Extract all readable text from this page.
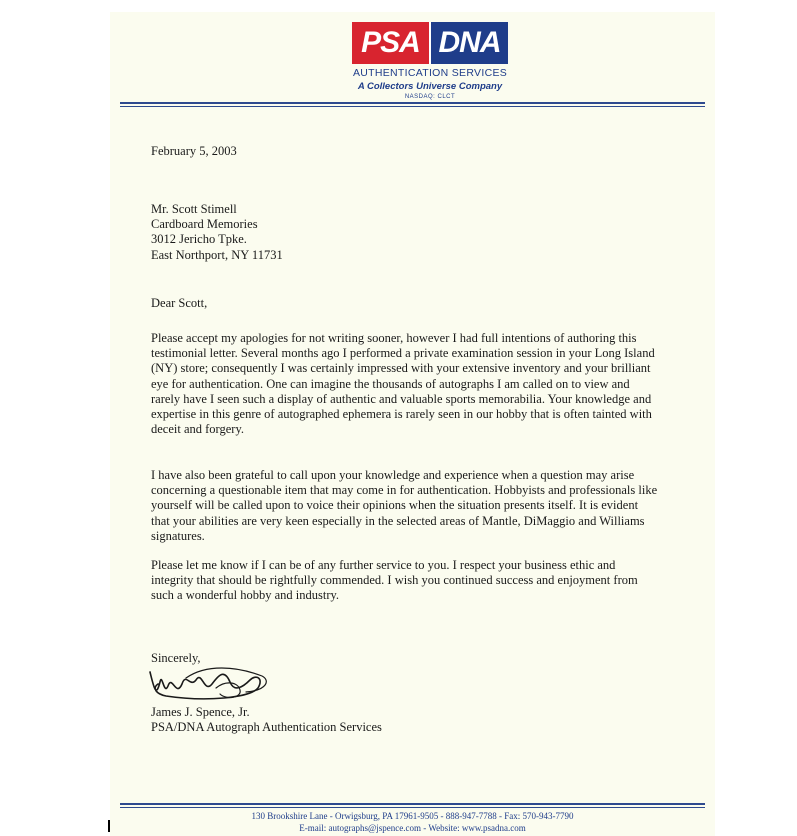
PSA DNA
AUTHENTICATION SERVICES
A Collectors Universe Company
NASDAQ: CLCT
February 5, 2003
Mr. Scott Stimell
Cardboard Memories
3012 Jericho Tpke.
East Northport, NY 11731
Dear Scott,
Please accept my apologies for not writing sooner, however I had full intentions of authoring this
testimonial letter. Several months ago I performed a private examination session in your Long Island
(NY) store; consequently I was certainly impressed with your extensive inventory and your brilliant
eye for authentication. One can imagine the thousands of autographs I am called on to view and
rarely have I seen such a display of authentic and valuable sports memorabilia. Your knowledge and
expertise in this genre of autographed ephemera is rarely seen in our hobby that is often tainted with
deceit and forgery.
I have also been grateful to call upon your knowledge and experience when a question may arise
concerning a questionable item that may come in for authentication. Hobbyists and professionals like
yourself will be called upon to voice their opinions when the situation presents itself. It is evident
that your abilities are very keen especially in the selected areas of Mantle, DiMaggio and Williams
signatures.
Please let me know if I can be of any further service to you. I respect your business ethic and
integrity that should be rightfully commended. I wish you continued success and enjoyment from
such a wonderful hobby and industry.
Sincerely,
James J. Spence, Jr.
PSA/DNA Autograph Authentication Services
130 Brookshire Lane - Orwigsburg, PA 17961-9505 - 888-947-7788 - Fax: 570-943-7790
E-mail: autographs@jspence.com - Website: www.psadna.com
